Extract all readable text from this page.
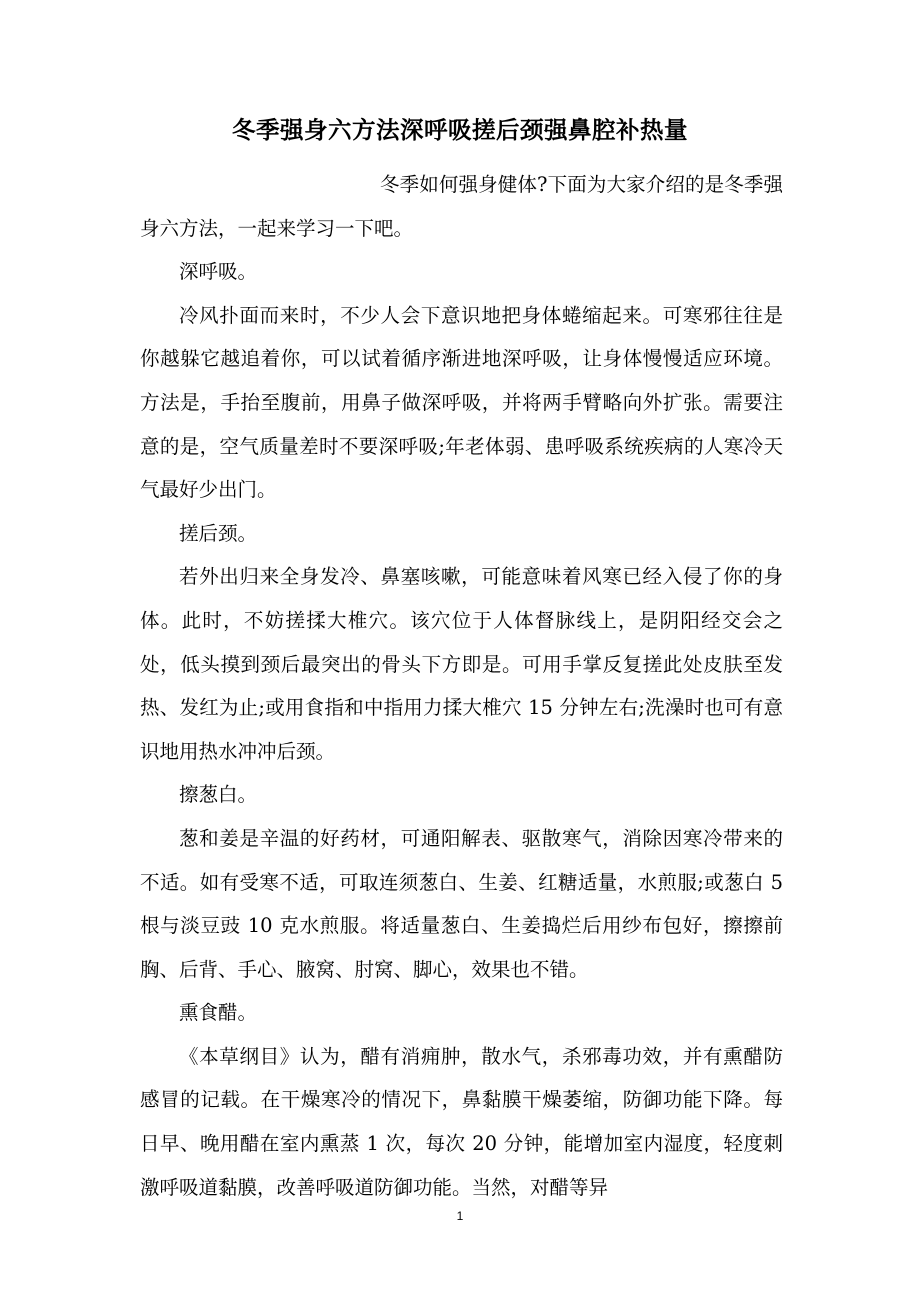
冬季强身六方法深呼吸搓后颈强鼻腔补热量

冬季如何强身健体?下面为大家介绍的是冬季强身六方法，一起来学习一下吧。

深呼吸。

冷风扑面而来时，不少人会下意识地把身体蜷缩起来。可寒邪往往是你越躲它越追着你，可以试着循序渐进地深呼吸，让身体慢慢适应环境。方法是，手抬至腹前，用鼻子做深呼吸，并将两手臂略向外扩张。需要注意的是，空气质量差时不要深呼吸;年老体弱、患呼吸系统疾病的人寒冷天气最好少出门。

搓后颈。

若外出归来全身发冷、鼻塞咳嗽，可能意味着风寒已经入侵了你的身体。此时，不妨搓揉大椎穴。该穴位于人体督脉线上，是阴阳经交会之处，低头摸到颈后最突出的骨头下方即是。可用手掌反复搓此处皮肤至发热、发红为止;或用食指和中指用力揉大椎穴 15 分钟左右;洗澡时也可有意识地用热水冲冲后颈。

擦葱白。

葱和姜是辛温的好药材，可通阳解表、驱散寒气，消除因寒冷带来的不适。如有受寒不适，可取连须葱白、生姜、红糖适量，水煎服;或葱白 5 根与淡豆豉 10 克水煎服。将适量葱白、生姜捣烂后用纱布包好，擦擦前胸、后背、手心、腋窝、肘窝、脚心，效果也不错。

熏食醋。

《本草纲目》认为，醋有消痈肿，散水气，杀邪毒功效，并有熏醋防感冒的记载。在干燥寒冷的情况下，鼻黏膜干燥萎缩，防御功能下降。每日早、晚用醋在室内熏蒸 1 次，每次 20 分钟，能增加室内湿度，轻度刺激呼吸道黏膜，改善呼吸道防御功能。当然，对醋等异

1
